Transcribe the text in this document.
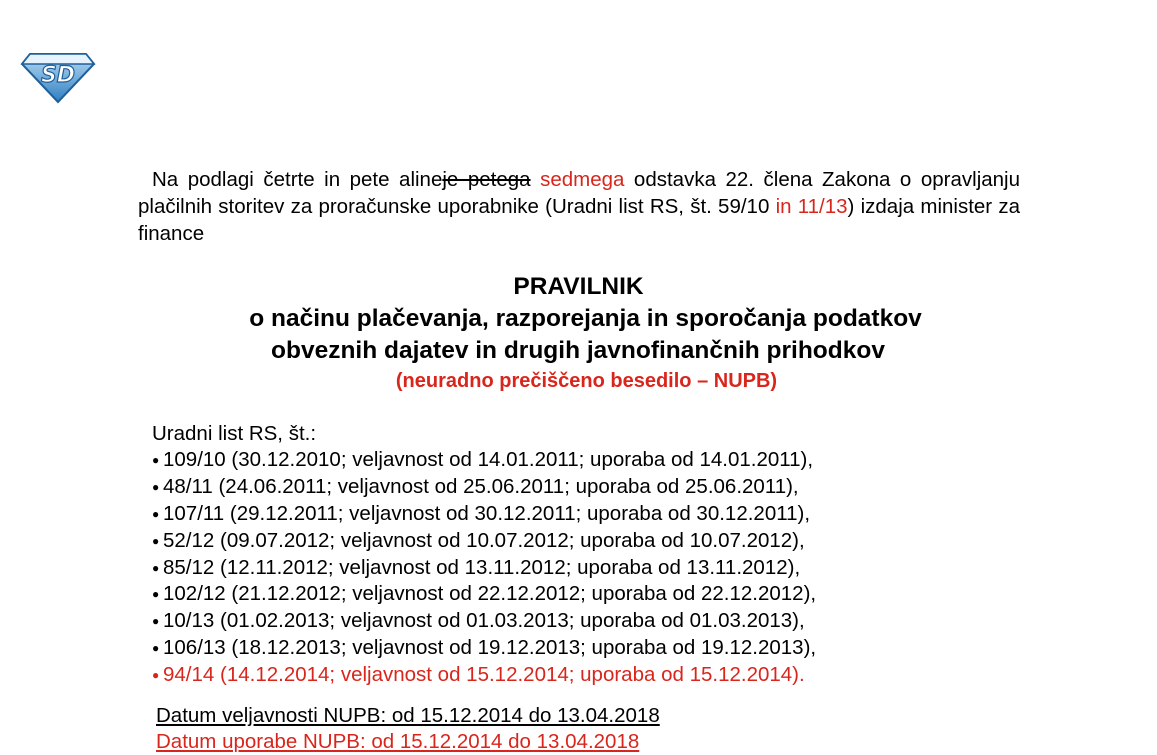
SD
Na podlagi četrte in pete alineje petega sedmega odstavka 22. člena Zakona o opravljanju plačilnih storitev za proračunske uporabnike (Uradni list RS, št. 59/10 in 11/13) izdaja minister za finance
PRAVILNIK
o načinu plačevanja, razporejanja in sporočanja podatkov
obveznih dajatev in drugih javnofinančnih prihodkov
(neuradno prečiščeno besedilo – NUPB)
Uradni list RS, št.:
● 109/10 (30.12.2010; veljavnost od 14.01.2011; uporaba od 14.01.2011),
● 48/11 (24.06.2011; veljavnost od 25.06.2011; uporaba od 25.06.2011),
● 107/11 (29.12.2011; veljavnost od 30.12.2011; uporaba od 30.12.2011),
● 52/12 (09.07.2012; veljavnost od 10.07.2012; uporaba od 10.07.2012),
● 85/12 (12.11.2012; veljavnost od 13.11.2012; uporaba od 13.11.2012),
● 102/12 (21.12.2012; veljavnost od 22.12.2012; uporaba od 22.12.2012),
● 10/13 (01.02.2013; veljavnost od 01.03.2013; uporaba od 01.03.2013),
● 106/13 (18.12.2013; veljavnost od 19.12.2013; uporaba od 19.12.2013),
● 94/14 (14.12.2014; veljavnost od 15.12.2014; uporaba od 15.12.2014).
Datum veljavnosti NUPB: od 15.12.2014 do 13.04.2018
Datum uporabe NUPB: od 15.12.2014 do 13.04.2018
